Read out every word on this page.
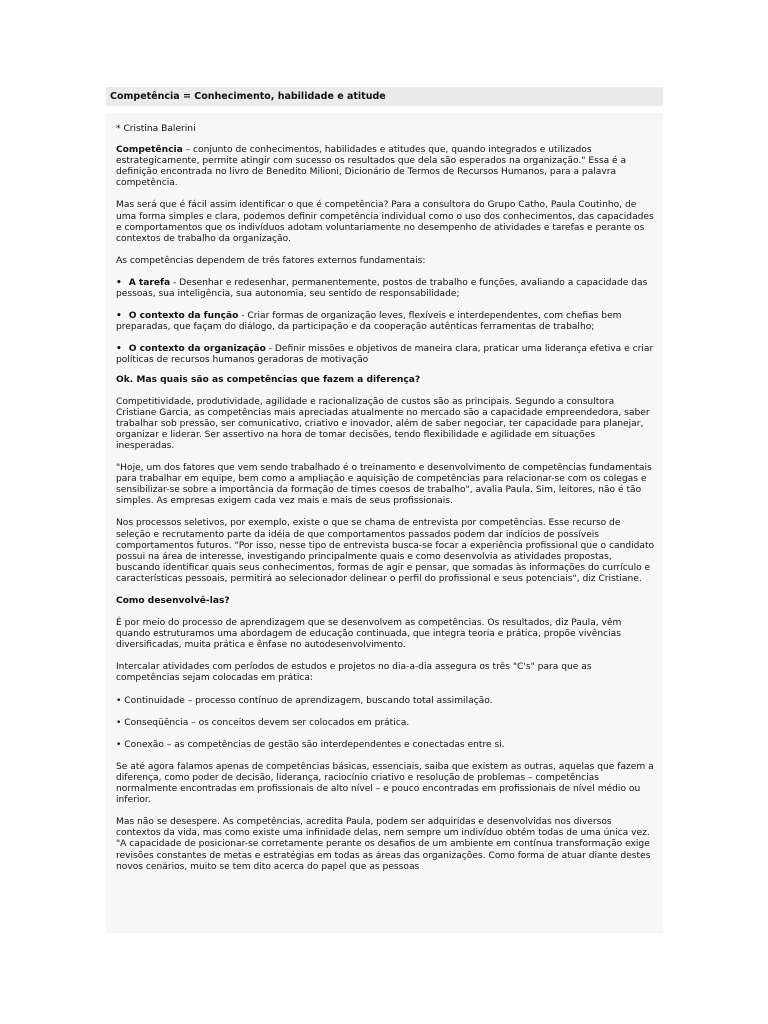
Competência = Conhecimento, habilidade e atitude

* Cristina Balerini

Competência – conjunto de conhecimentos, habilidades e atitudes que, quando integrados e utilizados estrategicamente, permite atingir com sucesso os resultados que dela são esperados na organização." Essa é a definição encontrada no livro de Benedito Milioni, Dicionário de Termos de Recursos Humanos, para a palavra competência.

Mas será que é fácil assim identificar o que é competência? Para a consultora do Grupo Catho, Paula Coutinho, de uma forma simples e clara, podemos definir competência individual como o uso dos conhecimentos, das capacidades e comportamentos que os indivíduos adotam voluntariamente no desempenho de atividades e tarefas e perante os contextos de trabalho da organização.

As competências dependem de três fatores externos fundamentais:

• A tarefa - Desenhar e redesenhar, permanentemente, postos de trabalho e funções, avaliando a capacidade das pessoas, sua inteligência, sua autonomia, seu sentido de responsabilidade;

• O contexto da função - Criar formas de organização leves, flexíveis e interdependentes, com chefias bem preparadas, que façam do diálogo, da participação e da cooperação autênticas ferramentas de trabalho;

• O contexto da organização - Definir missões e objetivos de maneira clara, praticar uma liderança efetiva e criar políticas de recursos humanos geradoras de motivação

Ok. Mas quais são as competências que fazem a diferença?

Competitividade, produtividade, agilidade e racionalização de custos são as principais. Segundo a consultora Cristiane Garcia, as competências mais apreciadas atualmente no mercado são a capacidade empreendedora, saber trabalhar sob pressão, ser comunicativo, criativo e inovador, além de saber negociar, ter capacidade para planejar, organizar e liderar. Ser assertivo na hora de tomar decisões, tendo flexibilidade e agilidade em situações inesperadas.

"Hoje, um dos fatores que vem sendo trabalhado é o treinamento e desenvolvimento de competências fundamentais para trabalhar em equipe, bem como a ampliação e aquisição de competências para relacionar-se com os colegas e sensibilizar-se sobre a importância da formação de times coesos de trabalho", avalia Paula. Sim, leitores, não é tão simples. As empresas exigem cada vez mais e mais de seus profissionais.

Nos processos seletivos, por exemplo, existe o que se chama de entrevista por competências. Esse recurso de seleção e recrutamento parte da idéia de que comportamentos passados podem dar indícios de possíveis comportamentos futuros. "Por isso, nesse tipo de entrevista busca-se focar a experiência profissional que o candidato possui na área de interesse, investigando principalmente quais e como desenvolvia as atividades propostas, buscando identificar quais seus conhecimentos, formas de agir e pensar, que somadas às informações do currículo e características pessoais, permitirá ao selecionador delinear o perfil do profissional e seus potenciais", diz Cristiane.

Como desenvolvê-las?

É por meio do processo de aprendizagem que se desenvolvem as competências. Os resultados, diz Paula, vêm quando estruturamos uma abordagem de educação continuada, que integra teoria e prática, propõe vivências diversificadas, muita prática e ênfase no autodesenvolvimento.

Intercalar atividades com períodos de estudos e projetos no dia-a-dia assegura os três "C's" para que as competências sejam colocadas em prática:

• Continuidade – processo contínuo de aprendizagem, buscando total assimilação.

• Conseqüência – os conceitos devem ser colocados em prática.

• Conexão – as competências de gestão são interdependentes e conectadas entre si.

Se até agora falamos apenas de competências básicas, essenciais, saiba que existem as outras, aquelas que fazem a diferença, como poder de decisão, liderança, raciocínio criativo e resolução de problemas – competências normalmente encontradas em profissionais de alto nível – e pouco encontradas em profissionais de nível médio ou inferior.

Mas não se desespere. As competências, acredita Paula, podem ser adquiridas e desenvolvidas nos diversos contextos da vida, mas como existe uma infinidade delas, nem sempre um indivíduo obtém todas de uma única vez. "A capacidade de posicionar-se corretamente perante os desafios de um ambiente em contínua transformação exige revisões constantes de metas e estratégias em todas as áreas das organizações. Como forma de atuar diante destes novos cenários, muito se tem dito acerca do papel que as pessoas
